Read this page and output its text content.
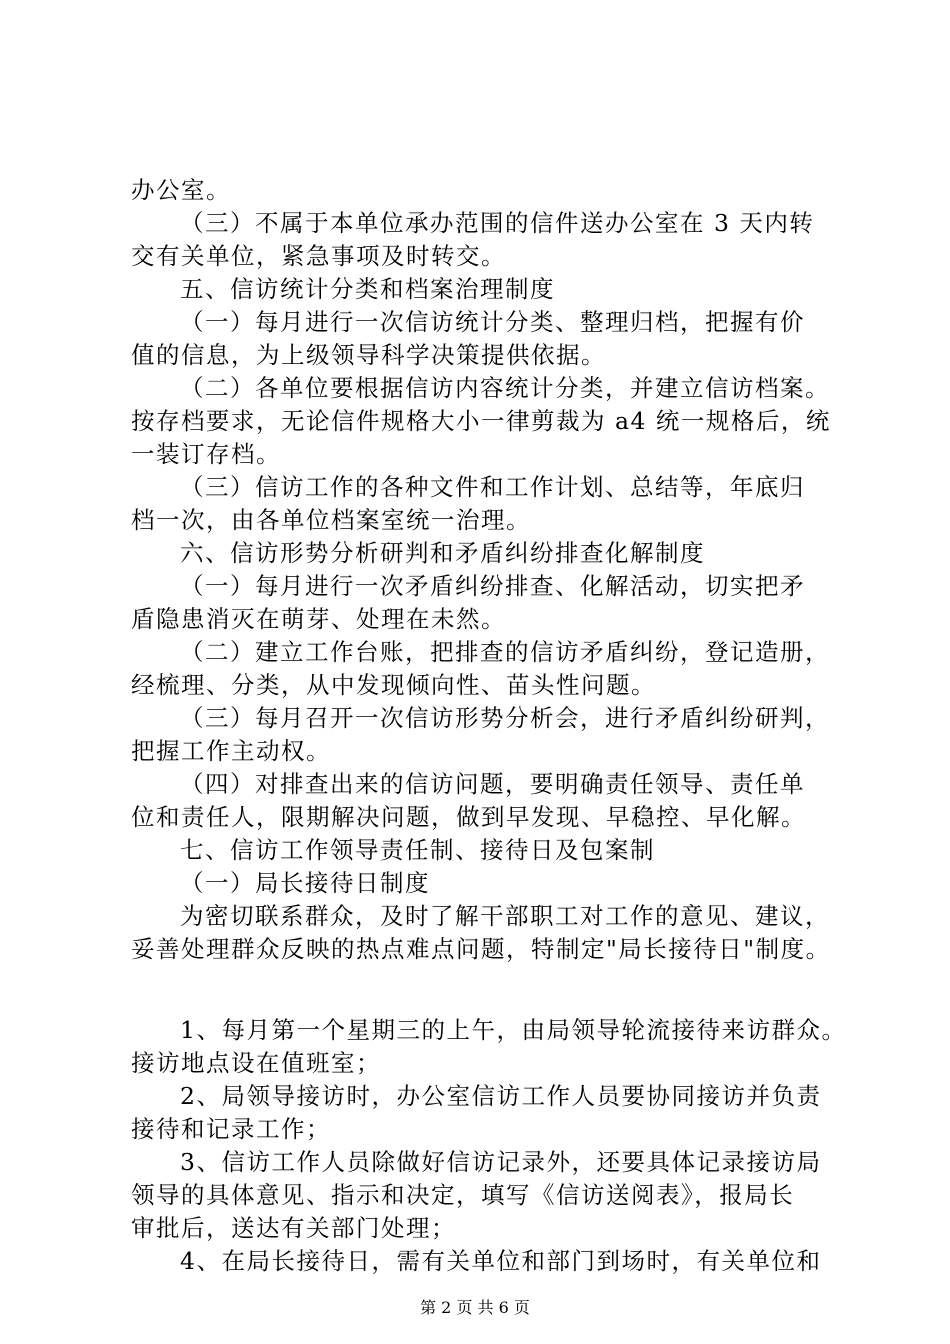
办公室。
（三）不属于本单位承办范围的信件送办公室在 3 天内转
交有关单位，紧急事项及时转交。
五、信访统计分类和档案治理制度
（一）每月进行一次信访统计分类、整理归档，把握有价
值的信息，为上级领导科学决策提供依据。
（二）各单位要根据信访内容统计分类，并建立信访档案。
按存档要求，无论信件规格大小一律剪裁为 a4 统一规格后，统
一装订存档。
（三）信访工作的各种文件和工作计划、总结等，年底归
档一次，由各单位档案室统一治理。
六、信访形势分析研判和矛盾纠纷排查化解制度
（一）每月进行一次矛盾纠纷排查、化解活动，切实把矛
盾隐患消灭在萌芽、处理在未然。
（二）建立工作台账，把排查的信访矛盾纠纷，登记造册，
经梳理、分类，从中发现倾向性、苗头性问题。
（三）每月召开一次信访形势分析会，进行矛盾纠纷研判，
把握工作主动权。
（四）对排查出来的信访问题，要明确责任领导、责任单
位和责任人，限期解决问题，做到早发现、早稳控、早化解。
七、信访工作领导责任制、接待日及包案制
（一）局长接待日制度
为密切联系群众，及时了解干部职工对工作的意见、建议，
妥善处理群众反映的热点难点问题，特制定"局长接待日"制度。
1、每月第一个星期三的上午，由局领导轮流接待来访群众。
接访地点设在值班室；
2、局领导接访时，办公室信访工作人员要协同接访并负责
接待和记录工作；
3、信访工作人员除做好信访记录外，还要具体记录接访局
领导的具体意见、指示和决定，填写《信访送阅表》，报局长
审批后，送达有关部门处理；
4、在局长接待日，需有关单位和部门到场时，有关单位和
第 2 页 共 6 页
